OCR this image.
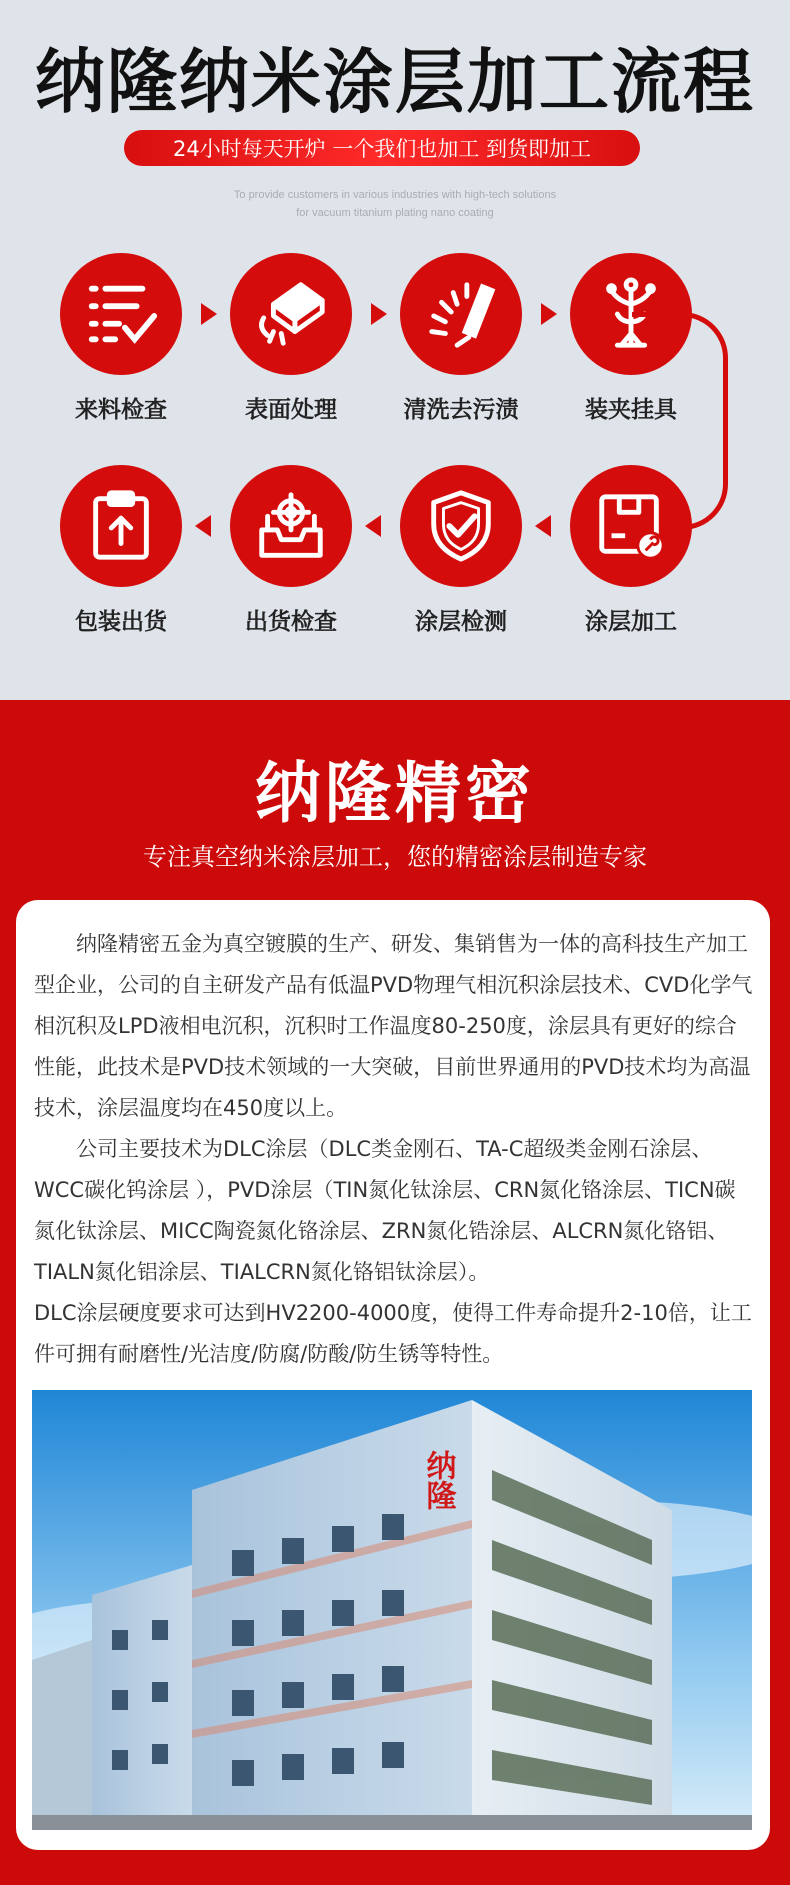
纳隆纳米涂层加工流程
24小时每天开炉 一个我们也加工 到货即加工
To provide customers in various industries with high-tech solutions
for vacuum titanium plating nano coating
来料检查	表面处理	清洗去污渍	装夹挂具
涂层加工
涂层检测
出货检查
包装出货
纳隆精密
专注真空纳米涂层加工，您的精密涂层制造专家

纳隆精密五金为真空镀膜的生产、研发、集销售为一体的高科技生产加工型企业，公司的自主研发产品有低温PVD物理气相沉积涂层技术、CVD化学气相沉积及LPD液相电沉积，沉积时工作温度80-250度，涂层具有更好的综合性能，此技术是PVD技术领域的一大突破，目前世界通用的PVD技术均为高温技术，涂层温度均在450度以上。

公司主要技术为DLC涂层（DLC类金刚石、TA-C超级类金刚石涂层、WCC碳化钨涂层 ），PVD涂层（TIN氮化钛涂层、CRN氮化铬涂层、TICN碳氮化钛涂层、MICC陶瓷氮化铬涂层、ZRN氮化锆涂层、ALCRN氮化铬铝、TIALN氮化铝涂层、TIALCRN氮化铬铝钛涂层）。

DLC涂层硬度要求可达到HV2200-4000度，使得工件寿命提升2-10倍，让工件可拥有耐磨性/光洁度/防腐/防酸/防生锈等特性。

纳隆
